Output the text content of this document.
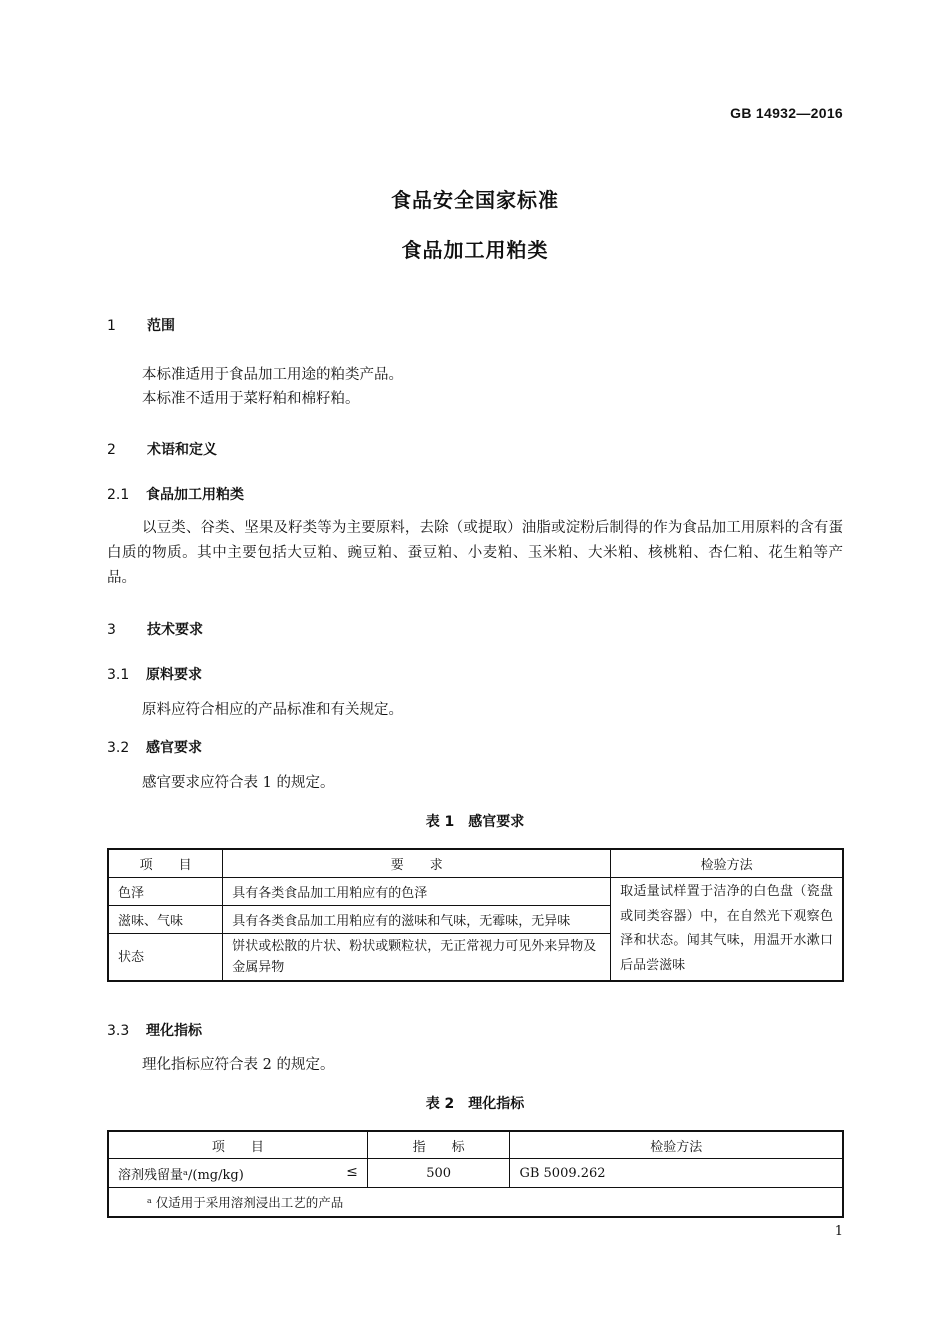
GB 14932—2016
食品安全国家标准
食品加工用粕类
1 范围
本标准适用于食品加工用途的粕类产品。
本标准不适用于菜籽粕和棉籽粕。
2 术语和定义
2.1 食品加工用粕类
以豆类、谷类、坚果及籽类等为主要原料，去除（或提取）油脂或淀粉后制得的作为食品加工用原料的含有蛋白质的物质。其中主要包括大豆粕、豌豆粕、蚕豆粕、小麦粕、玉米粕、大米粕、核桃粕、杏仁粕、花生粕等产品。
3 技术要求
3.1 原料要求
原料应符合相应的产品标准和有关规定。
3.2 感官要求
感官要求应符合表 1 的规定。
表 1　感官要求
项　　目	要　　求	检验方法
色泽	具有各类食品加工用粕应有的色泽	取适量试样置于洁净的白色盘（瓷盘或同类容器）中，在自然光下观察色泽和状态。闻其气味，用温开水漱口后品尝滋味
滋味、气味	具有各类食品加工用粕应有的滋味和气味，无霉味，无异味	
状态	饼状或松散的片状、粉状或颗粒状，无正常视力可见外来异物及金属异物	
3.3 理化指标
理化指标应符合表 2 的规定。
表 2　理化指标
项　　目	指　　标	检验方法
溶剂残留量ᵃ/(mg/kg) ≤	500	GB 5009.262
ᵃ 仅适用于采用溶剂浸出工艺的产品		
1
